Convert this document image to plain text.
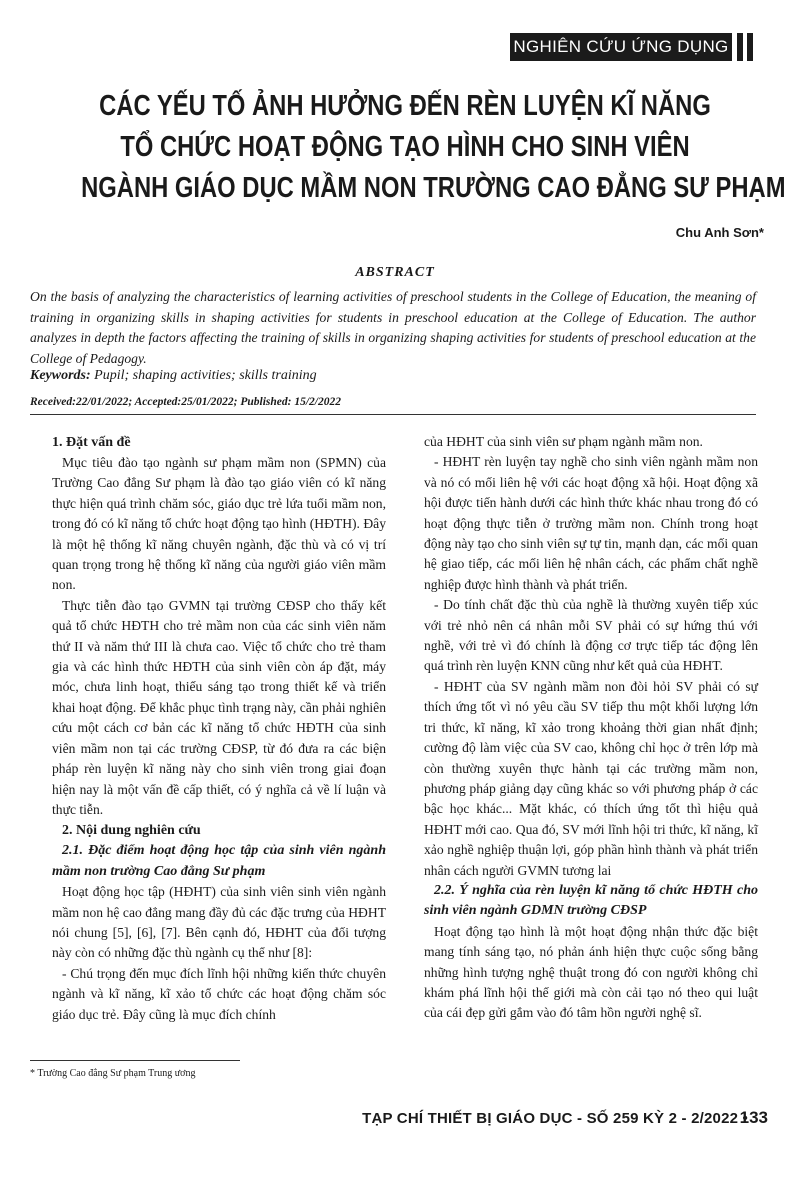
NGHIÊN CỨU ỨNG DỤNG
CÁC YẾU TỐ ẢNH HƯỞNG ĐẾN RÈN LUYỆN KĨ NĂNG
TỔ CHỨC HOẠT ĐỘNG TẠO HÌNH CHO SINH VIÊN
NGÀNH GIÁO DỤC MẦM NON TRƯỜNG CAO ĐẲNG SƯ PHẠM
Chu Anh Sơn*
ABSTRACT
On the basis of analyzing the characteristics of learning activities of preschool students in the College of Education, the meaning of training in organizing skills in shaping activities for students in preschool education at the College of Education. The author analyzes in depth the factors affecting the training of skills in organizing shaping activities for students of preschool education at the College of Pedagogy.
Keywords: Pupil; shaping activities; skills training
Received:22/01/2022; Accepted:25/01/2022; Published: 15/2/2022
1. Đặt vấn đề

Mục tiêu đào tạo ngành sư phạm mầm non (SPMN) của Trường Cao đẳng Sư phạm là đào tạo giáo viên có kĩ năng thực hiện quá trình chăm sóc, giáo dục trẻ lứa tuổi mầm non, trong đó có kĩ năng tổ chức hoạt động tạo hình (HĐTH). Đây là một hệ thống kĩ năng chuyên ngành, đặc thù và có vị trí quan trọng trong hệ thống kĩ năng của người giáo viên mầm non.

Thực tiễn đào tạo GVMN tại trường CĐSP cho thấy kết quả tổ chức HĐTH cho trẻ mầm non của các sinh viên năm thứ II và năm thứ III là chưa cao. Việc tổ chức cho trẻ tham gia và các hình thức HĐTH của sinh viên còn áp đặt, máy móc, chưa linh hoạt, thiếu sáng tạo trong thiết kế và triển khai hoạt động. Để khắc phục tình trạng này, cần phải nghiên cứu một cách cơ bản các kĩ năng tổ chức HĐTH của sinh viên mầm non tại các trường CĐSP, từ đó đưa ra các biện pháp rèn luyện kĩ năng này cho sinh viên trong giai đoạn hiện nay là một vấn đề cấp thiết, có ý nghĩa cả về lí luận và thực tiễn.

2. Nội dung nghiên cứu
2.1. Đặc điểm hoạt động học tập của sinh viên ngành mầm non trường Cao đẳng Sư phạm

Hoạt động học tập (HĐHT) của sinh viên sinh viên ngành mầm non hệ cao đẳng mang đầy đủ các đặc trưng của HĐHT nói chung [5], [6], [7]. Bên cạnh đó, HĐHT của đối tượng này còn có những đặc thù ngành cụ thể như [8]:

- Chú trọng đến mục đích lĩnh hội những kiến thức chuyên ngành và kĩ năng, kĩ xảo tổ chức các hoạt động chăm sóc giáo dục trẻ. Đây cũng là mục đích chính

của HĐHT của sinh viên sư phạm ngành mầm non.

- HĐHT rèn luyện tay nghề cho sinh viên ngành mầm non và nó có mối liên hệ với các hoạt động xã hội. Hoạt động xã hội được tiến hành dưới các hình thức khác nhau trong đó có hoạt động thực tiễn ở trường mầm non. Chính trong hoạt động này tạo cho sinh viên sự tự tin, mạnh dạn, các mối quan hệ giao tiếp, các mối liên hệ nhân cách, các phẩm chất nghề nghiệp được hình thành và phát triển.

- Do tính chất đặc thù của nghề là thường xuyên tiếp xúc với trẻ nhỏ nên cá nhân mỗi SV phải có sự hứng thú với nghề, với trẻ vì đó chính là động cơ trực tiếp tác động lên quá trình rèn luyện KNN cũng như kết quả của HĐHT.

- HĐHT của SV ngành mầm non đòi hỏi SV phải có sự thích ứng tốt vì nó yêu cầu SV tiếp thu một khối lượng lớn tri thức, kĩ năng, kĩ xảo trong khoảng thời gian nhất định; cường độ làm việc của SV cao, không chỉ học ở trên lớp mà còn thường xuyên thực hành tại các trường mầm non, phương pháp giảng dạy cũng khác so với phương pháp ở các bậc học khác... Mặt khác, có thích ứng tốt thì hiệu quả HĐHT mới cao. Qua đó, SV mới lĩnh hội tri thức, kĩ năng, kĩ xảo nghề nghiệp thuận lợi, góp phần hình thành và phát triển nhân cách người GVMN tương lai

2.2. Ý nghĩa của rèn luyện kĩ năng tổ chức HĐTH cho sinh viên ngành GDMN trường CĐSP

Hoạt động tạo hình là một hoạt động nhận thức đặc biệt mang tính sáng tạo, nó phản ánh hiện thực cuộc sống bằng những hình tượng nghệ thuật trong đó con người không chỉ khám phá lĩnh hội thế giới mà còn cải tạo nó theo qui luật của cái đẹp gửi gắm vào đó tâm hồn người nghệ sĩ.

* Trường Cao đẳng Sư phạm Trung ương
TẠP CHÍ THIẾT BỊ GIÁO DỤC - SỐ 259 KỲ 2 - 2/2022 •
133
